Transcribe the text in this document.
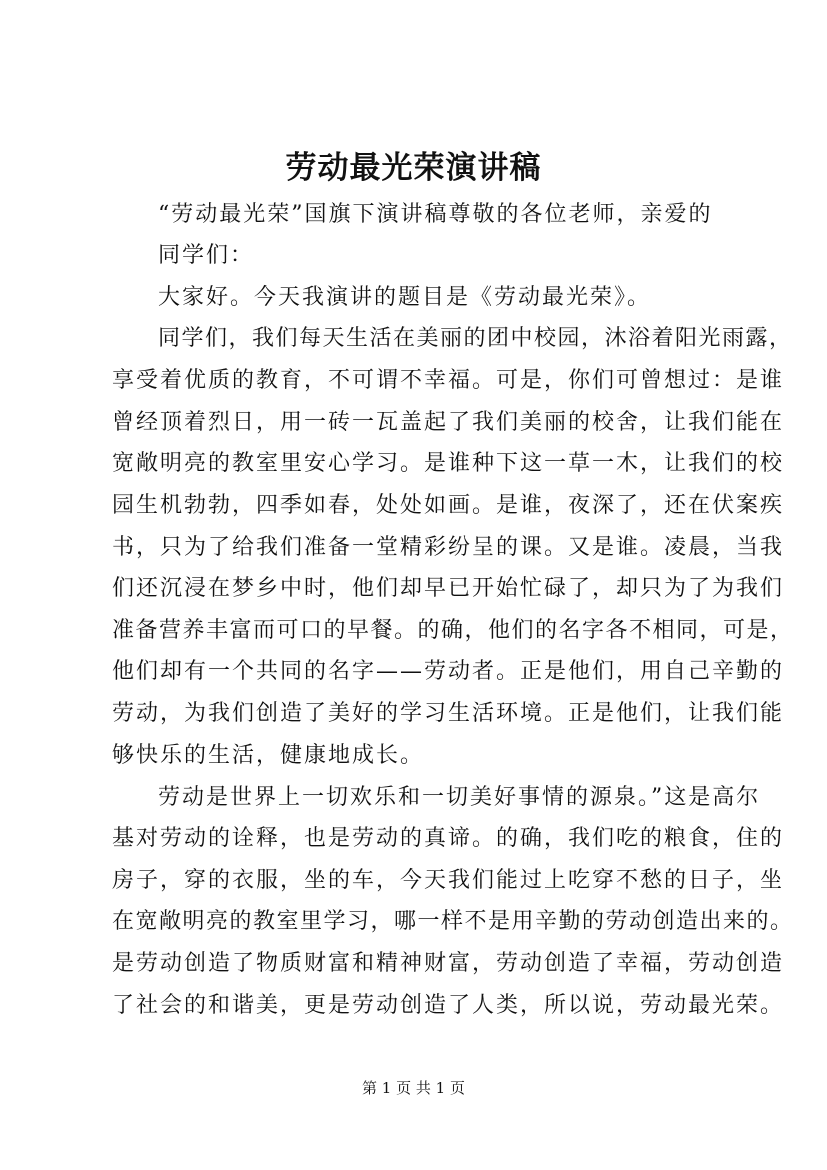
劳动最光荣演讲稿
“劳动最光荣”国旗下演讲稿尊敬的各位老师，亲爱的
同学们：
大家好。今天我演讲的题目是《劳动最光荣》。
同学们，我们每天生活在美丽的团中校园，沐浴着阳光雨露，
享受着优质的教育，不可谓不幸福。可是，你们可曾想过：是谁
曾经顶着烈日，用一砖一瓦盖起了我们美丽的校舍，让我们能在
宽敞明亮的教室里安心学习。是谁种下这一草一木，让我们的校
园生机勃勃，四季如春，处处如画。是谁，夜深了，还在伏案疾
书，只为了给我们准备一堂精彩纷呈的课。又是谁。凌晨，当我
们还沉浸在梦乡中时，他们却早已开始忙碌了，却只为了为我们
准备营养丰富而可口的早餐。的确，他们的名字各不相同，可是，
他们却有一个共同的名字——劳动者。正是他们，用自己辛勤的
劳动，为我们创造了美好的学习生活环境。正是他们，让我们能
够快乐的生活，健康地成长。
劳动是世界上一切欢乐和一切美好事情的源泉。”这是高尔
基对劳动的诠释，也是劳动的真谛。的确，我们吃的粮食，住的
房子，穿的衣服，坐的车，今天我们能过上吃穿不愁的日子，坐
在宽敞明亮的教室里学习，哪一样不是用辛勤的劳动创造出来的。
是劳动创造了物质财富和精神财富，劳动创造了幸福，劳动创造
了社会的和谐美，更是劳动创造了人类，所以说，劳动最光荣。
第 1 页 共 1 页
